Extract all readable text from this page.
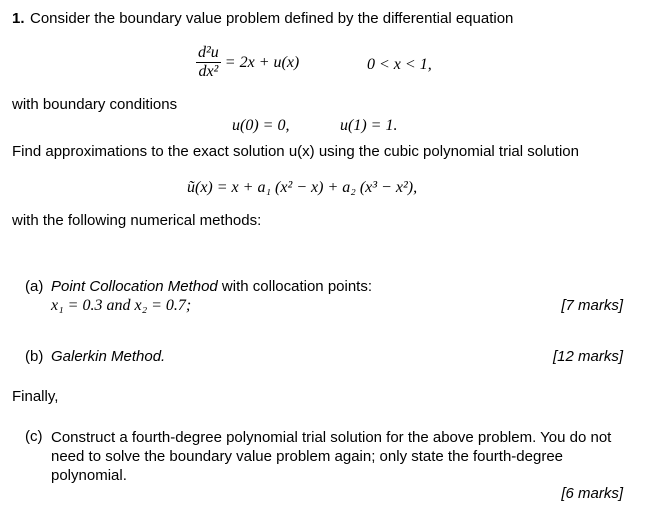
1. Consider the boundary value problem defined by the differential equation
$\frac{\text{d²u}}{\text{dx²}} = 2x + u(x)$	0 < x < 1,
with boundary conditions
u(0) = 0,	u(1) = 1.
Find approximations to the exact solution u(x) using the cubic polynomial trial solution
ũ(x) = x + a₁ (x² − x) + a₂ (x³ − x²),
with the following numerical methods:
(a) Point Collocation Method with collocation points:
x₁ = 0.3 and x₂ = 0.7;	[7 marks]
(b) Galerkin Method.	[12 marks]
Finally,
(c) Construct a fourth-degree polynomial trial solution for the above problem. You do not need to solve the boundary value problem again; only state the fourth-degree polynomial.
[6 marks]
